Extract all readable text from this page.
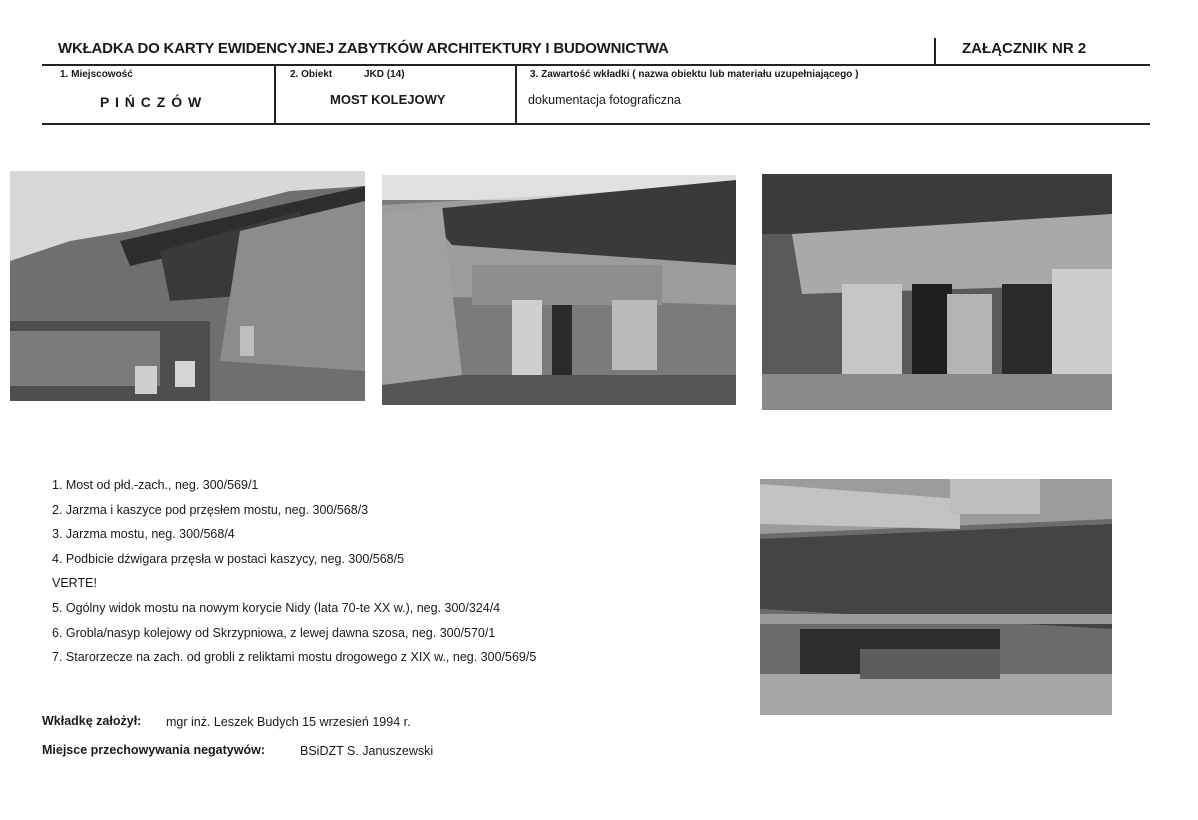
WKŁADKA DO KARTY EWIDENCYJNEJ ZABYTKÓW ARCHITEKTURY I BUDOWNICTWA	ZAŁĄCZNIK NR 2
1. Miejscowość
P I Ń C Z Ó W
2. Obiekt	JKD (14)
MOST KOLEJOWY
3. Zawartość wkładki ( nazwa obiektu lub materiału uzupełniającego )
dokumentacja fotograficzna
1. Most od płd.-zach., neg. 300/569/1
2. Jarzma i kaszyce pod przęsłem mostu, neg. 300/568/3
3. Jarzma mostu, neg. 300/568/4
4. Podbicie dźwigara przęsła w postaci kaszycy, neg. 300/568/5
VERTE!
5. Ogólny widok mostu na nowym korycie Nidy (lata 70-te XX w.), neg. 300/324/4
6. Grobla/nasyp kolejowy od Skrzypniowa, z lewej dawna szosa, neg. 300/570/1
7. Starorzecze na zach. od grobli z reliktami mostu drogowego z XIX w., neg. 300/569/5
Wkładkę założył: mgr inż. Leszek Budych 15 wrzesień 1994 r.
Miejsce przechowywania negatywów:	BSiDZT S. Januszewski
